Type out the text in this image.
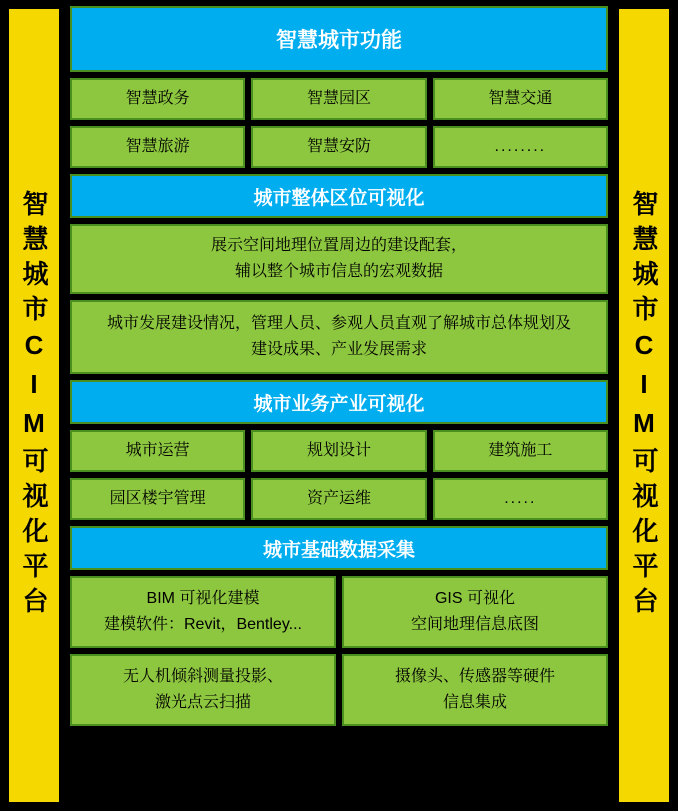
智慧城市CIM可视化平台
智慧城市功能
智慧政务	智慧园区	智慧交通
智慧旅游	智慧安防	........
城市整体区位可视化
展示空间地理位置周边的建设配套，
辅以整个城市信息的宏观数据
城市发展建设情况，管理人员、参观人员直观了解城市总体规划及
建设成果、产业发展需求
城市业务产业可视化
城市运营	规划设计	建筑施工
园区楼宇管理	资产运维	.....
城市基础数据采集
BIM 可视化建模
建模软件：Revit，Bentley...
GIS 可视化
空间地理信息底图
无人机倾斜测量投影、
激光点云扫描
摄像头、传感器等硬件
信息集成
智慧城市CIM可视化平台
